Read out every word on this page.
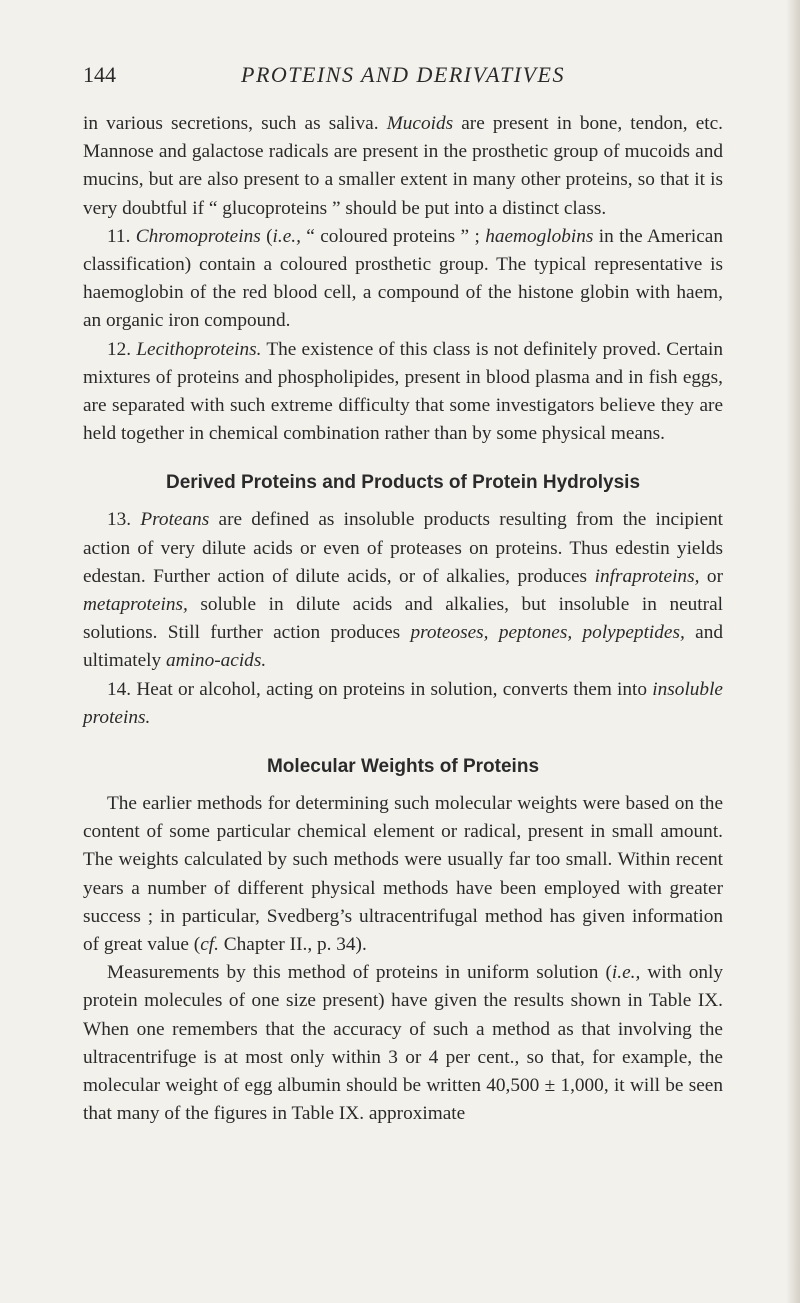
144	PROTEINS AND DERIVATIVES

in various secretions, such as saliva. Mucoids are present in bone, tendon, etc. Mannose and galactose radicals are present in the prosthetic group of mucoids and mucins, but are also present to a smaller extent in many other proteins, so that it is very doubtful if “ glucoproteins ” should be put into a distinct class.

11. Chromoproteins (i.e., “ coloured proteins ” ; haemoglobins in the American classification) contain a coloured prosthetic group. The typical representative is haemoglobin of the red blood cell, a compound of the histone globin with haem, an organic iron compound.

12. Lecithoproteins. The existence of this class is not definitely proved. Certain mixtures of proteins and phospholipides, present in blood plasma and in fish eggs, are separated with such extreme difficulty that some investigators believe they are held together in chemical combination rather than by some physical means.

Derived Proteins and Products of Protein Hydrolysis

13. Proteans are defined as insoluble products resulting from the incipient action of very dilute acids or even of proteases on proteins. Thus edestin yields edestan. Further action of dilute acids, or of alkalies, produces infraproteins, or metaproteins, soluble in dilute acids and alkalies, but insoluble in neutral solutions. Still further action produces proteoses, peptones, polypeptides, and ultimately amino-acids.

14. Heat or alcohol, acting on proteins in solution, converts them into insoluble proteins.

Molecular Weights of Proteins

The earlier methods for determining such molecular weights were based on the content of some particular chemical element or radical, present in small amount. The weights calculated by such methods were usually far too small. Within recent years a number of different physical methods have been employed with greater success ; in particular, Svedberg’s ultracentrifugal method has given information of great value (cf. Chapter II., p. 34).

Measurements by this method of proteins in uniform solution (i.e., with only protein molecules of one size present) have given the results shown in Table IX. When one remembers that the accuracy of such a method as that involving the ultracentrifuge is at most only within 3 or 4 per cent., so that, for example, the molecular weight of egg albumin should be written 40,500 ± 1,000, it will be seen that many of the figures in Table IX. approximate
